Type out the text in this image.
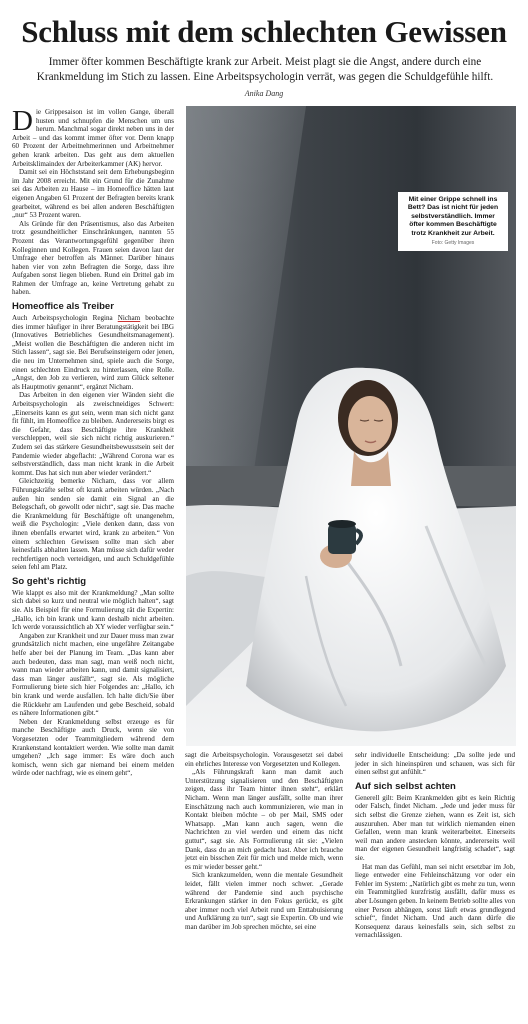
Schluss mit dem schlechten Gewissen
Immer öfter kommen Beschäftigte krank zur Arbeit. Meist plagt sie die Angst, andere durch eine Krankmeldung im Stich zu lassen. Eine Arbeitspsychologin verrät, was gegen die Schuldgefühle hilft.
Anika Dang

Die Grippesaison ist im vollen Gange, überall husten und schnupfen die Menschen um uns herum. Manchmal sogar direkt neben uns in der Arbeit – und das kommt immer öfter vor. Denn knapp 60 Prozent der Arbeitnehmerinnen und Arbeitnehmer gehen krank arbeiten. Das geht aus dem aktuellen Arbeitsklimaindex der Arbeiterkammer (AK) hervor.

Damit sei ein Höchststand seit dem Erhebungsbeginn im Jahr 2008 erreicht. Mit ein Grund für die Zunahme sei das Arbeiten zu Hause – im Homeoffice hätten laut eigenen Angaben 61 Prozent der Befragten bereits krank gearbeitet, während es bei allen anderen Beschäftigten „nur“ 53 Prozent waren.

Als Gründe für den Präsentismus, also das Arbeiten trotz gesundheitlicher Einschränkungen, nannten 55 Prozent das Verantwortungsgefühl gegenüber ihren Kolleginnen und Kollegen. Frauen seien davon laut der Umfrage eher betroffen als Männer. Darüber hinaus haben vier von zehn Befragten die Sorge, dass ihre Aufgaben sonst liegen blieben. Rund ein Drittel gab im Rahmen der Umfrage an, keine Vertretung gehabt zu haben.

Homeoffice als Treiber

Auch Arbeitspsychologin Regina Nicham beobachte dies immer häufiger in ihrer Beratungstätigkeit bei IBG (Innovatives Betriebliches Gesundheitsmanagement). „Meist wollen die Beschäftigten die anderen nicht im Stich lassen“, sagt sie. Bei Berufseinsteigern oder jenen, die neu im Unternehmen sind, spiele auch die Sorge, einen schlechten Eindruck zu hinterlassen, eine Rolle. „Angst, den Job zu verlieren, wird zum Glück seltener als Hauptmotiv genannt“, ergänzt Nicham.

Das Arbeiten in den eigenen vier Wänden sieht die Arbeitspsychologin als zweischneidiges Schwert: „Einerseits kann es gut sein, wenn man sich nicht ganz fit fühlt, im Homeoffice zu bleiben. Andererseits birgt es die Gefahr, dass Beschäftigte ihre Krankheit verschleppen, weil sie sich nicht richtig auskurieren.“ Zudem sei das stärkere Gesundheitsbewusstsein seit der Pandemie wieder abgeflacht: „Während Corona war es selbstverständlich, dass man nicht krank in die Arbeit kommt. Das hat sich nun aber wieder verändert.“

Gleichzeitig bemerke Nicham, dass vor allem Führungskräfte selbst oft krank arbeiten würden. „Nach außen hin senden sie damit ein Signal an die Belegschaft, ob gewollt oder nicht“, sagt sie. Das mache die Krankmeldung für Beschäftigte oft unangenehm, weiß die Psychologin: „Viele denken dann, dass von ihnen ebenfalls erwartet wird, krank zu arbeiten.“ Von einem schlechten Gewissen sollte man sich aber keinesfalls abhalten lassen. Man müsse sich dafür weder rechtfertigen noch verteidigen, und auch Schuldgefühle seien fehl am Platz.

So geht’s richtig

Wie klappt es also mit der Krankmeldung? „Man sollte sich dabei so kurz und neutral wie möglich halten“, sagt sie. Als Beispiel für eine Formulierung rät die Expertin: „Hallo, ich bin krank und kann deshalb nicht arbeiten. Ich werde voraussichtlich ab XY wieder verfügbar sein.“

Angaben zur Krankheit und zur Dauer muss man zwar grundsätzlich nicht machen, eine ungefähre Zeitangabe helfe aber bei der Planung im Team. „Das kann aber auch bedeuten, dass man sagt, man weiß noch nicht, wann man wieder arbeiten kann, und damit signalisiert, dass man länger ausfällt“, sagt sie. Als mögliche Formulierung biete sich hier Folgendes an: „Hallo, ich bin krank und werde ausfallen. Ich halte dich/Sie über die Rückkehr am Laufenden und gebe Bescheid, sobald es nähere Informationen gibt.“

Neben der Krankmeldung selbst erzeuge es für manche Beschäftigte auch Druck, wenn sie von Vorgesetzten oder Teammitgliedern während dem Krankenstand kontaktiert werden. Wie sollte man damit umgehen? „Ich sage immer: Es wäre doch auch komisch, wenn sich gar niemand bei einem melden würde oder nachfragt, wie es einem geht“,

Mit einer Grippe schnell ins Bett? Das ist nicht für jeden selbstverständlich. Immer öfter kommen Beschäftigte trotz Krankheit zur Arbeit.
Foto: Getty Images

sagt die Arbeitspsychologin. Vorausgesetzt sei dabei ein ehrliches Interesse von Vorgesetzten und Kollegen.

„Als Führungskraft kann man damit auch Unterstützung signalisieren und den Beschäftigten zeigen, dass ihr Team hinter ihnen steht“, erklärt Nicham. Wenn man länger ausfällt, sollte man ihrer Einschätzung nach auch kommunizieren, wie man in Kontakt bleiben möchte – ob per Mail, SMS oder Whatsapp. „Man kann auch sagen, wenn die Nachrichten zu viel werden und einem das nicht guttut“, sagt sie. Als Formulierung rät sie: „Vielen Dank, dass du an mich gedacht hast. Aber ich brauche jetzt ein bisschen Zeit für mich und melde mich, wenn es mir wieder besser geht.“

Sich krankzumelden, wenn die mentale Gesundheit leidet, fällt vielen immer noch schwer. „Gerade während der Pandemie sind auch psychische Erkrankungen stärker in den Fokus gerückt, es gibt aber immer noch viel Arbeit rund um Enttabuisierung und Aufklärung zu tun“, sagt sie Expertin. Ob und wie man darüber im Job sprechen möchte, sei eine

sehr individuelle Entscheidung: „Da sollte jede und jeder in sich hineinspüren und schauen, was sich für einen selbst gut anfühlt.“

Auf sich selbst achten

Generell gilt: Beim Krankmelden gibt es kein Richtig oder Falsch, findet Nicham. „Jede und jeder muss für sich selbst die Grenze ziehen, wann es Zeit ist, sich auszuruhen. Aber man tut wirklich niemanden einen Gefallen, wenn man krank weiterarbeitet. Einerseits weil man andere anstecken könnte, andererseits weil man der eigenen Gesundheit langfristig schadet“, sagt sie.

Hat man das Gefühl, man sei nicht ersetzbar im Job, liege entweder eine Fehleinschätzung vor oder ein Fehler im System: „Natürlich gibt es mehr zu tun, wenn ein Teammitglied kurzfristig ausfällt, dafür muss es aber Lösungen geben. In keinem Betrieb sollte alles von einer Person abhängen, sonst läuft etwas grundlegend schief“, findet Nicham. Und auch dann dürfe die Konsequenz daraus keinesfalls sein, sich selbst zu vernachlässigen.
